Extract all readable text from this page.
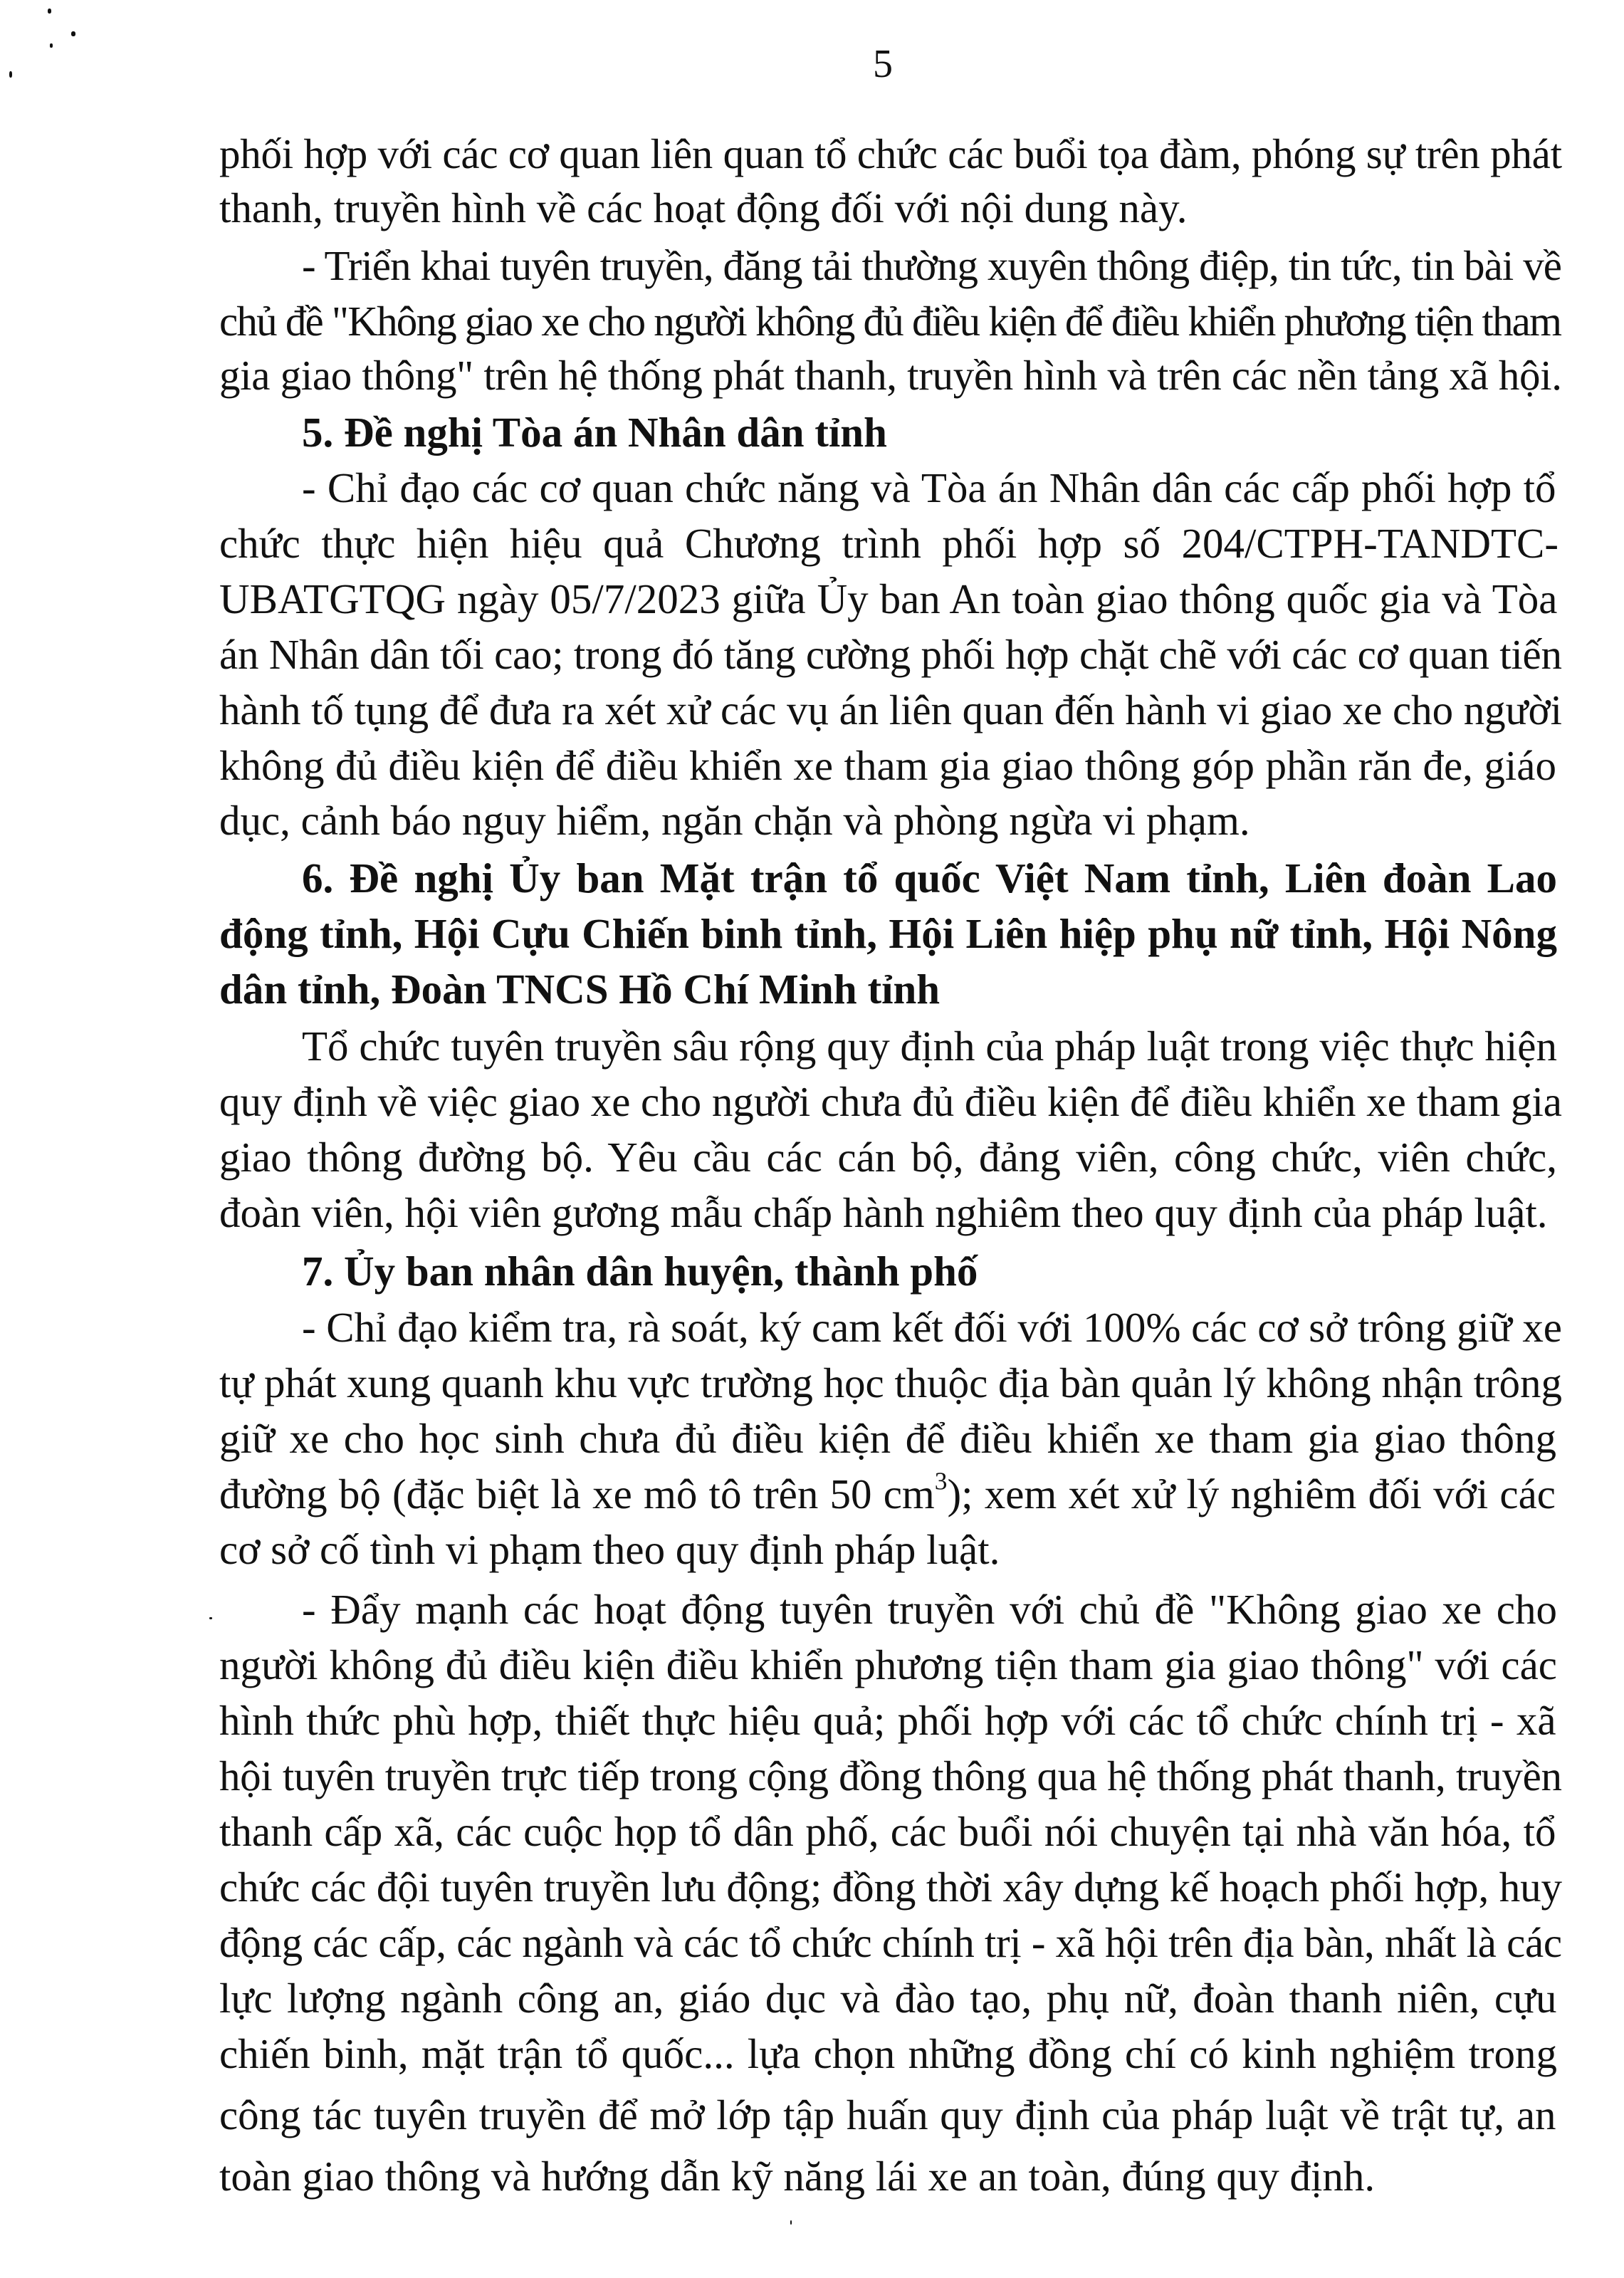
5
phối hợp với các cơ quan liên quan tổ chức các buổi tọa đàm, phóng sự trên phát
thanh, truyền hình về các hoạt động đối với nội dung này.
- Triển khai tuyên truyền, đăng tải thường xuyên thông điệp, tin tức, tin bài về
chủ đề "Không giao xe cho người không đủ điều kiện để điều khiển phương tiện tham
gia giao thông" trên hệ thống phát thanh, truyền hình và trên các nền tảng xã hội.
5. Đề nghị Tòa án Nhân dân tỉnh
- Chỉ đạo các cơ quan chức năng và Tòa án Nhân dân các cấp phối hợp tổ
chức thực hiện hiệu quả Chương trình phối hợp số 204/CTPH-TANDTC-
UBATGTQG ngày 05/7/2023 giữa Ủy ban An toàn giao thông quốc gia và Tòa
án Nhân dân tối cao; trong đó tăng cường phối hợp chặt chẽ với các cơ quan tiến
hành tố tụng để đưa ra xét xử các vụ án liên quan đến hành vi giao xe cho người
không đủ điều kiện để điều khiển xe tham gia giao thông góp phần răn đe, giáo
dục, cảnh báo nguy hiểm, ngăn chặn và phòng ngừa vi phạm.
6. Đề nghị Ủy ban Mặt trận tổ quốc Việt Nam tỉnh, Liên đoàn Lao
động tỉnh, Hội Cựu Chiến binh tỉnh, Hội Liên hiệp phụ nữ tỉnh, Hội Nông
dân tỉnh, Đoàn TNCS Hồ Chí Minh tỉnh
Tổ chức tuyên truyền sâu rộng quy định của pháp luật trong việc thực hiện
quy định về việc giao xe cho người chưa đủ điều kiện để điều khiển xe tham gia
giao thông đường bộ. Yêu cầu các cán bộ, đảng viên, công chức, viên chức,
đoàn viên, hội viên gương mẫu chấp hành nghiêm theo quy định của pháp luật.
7. Ủy ban nhân dân huyện, thành phố
- Chỉ đạo kiểm tra, rà soát, ký cam kết đối với 100% các cơ sở trông giữ xe
tự phát xung quanh khu vực trường học thuộc địa bàn quản lý không nhận trông
giữ xe cho học sinh chưa đủ điều kiện để điều khiển xe tham gia giao thông
đường bộ (đặc biệt là xe mô tô trên 50 $cm^3$); xem xét xử lý nghiêm đối với các
cơ sở cố tình vi phạm theo quy định pháp luật.
- Đẩy mạnh các hoạt động tuyên truyền với chủ đề "Không giao xe cho
người không đủ điều kiện điều khiển phương tiện tham gia giao thông" với các
hình thức phù hợp, thiết thực hiệu quả; phối hợp với các tổ chức chính trị - xã
hội tuyên truyền trực tiếp trong cộng đồng thông qua hệ thống phát thanh, truyền
thanh cấp xã, các cuộc họp tổ dân phố, các buổi nói chuyện tại nhà văn hóa, tổ
chức các đội tuyên truyền lưu động; đồng thời xây dựng kế hoạch phối hợp, huy
động các cấp, các ngành và các tổ chức chính trị - xã hội trên địa bàn, nhất là các
lực lượng ngành công an, giáo dục và đào tạo, phụ nữ, đoàn thanh niên, cựu
chiến binh, mặt trận tổ quốc... lựa chọn những đồng chí có kinh nghiệm trong
công tác tuyên truyền để mở lớp tập huấn quy định của pháp luật về trật tự, an
toàn giao thông và hướng dẫn kỹ năng lái xe an toàn, đúng quy định.
